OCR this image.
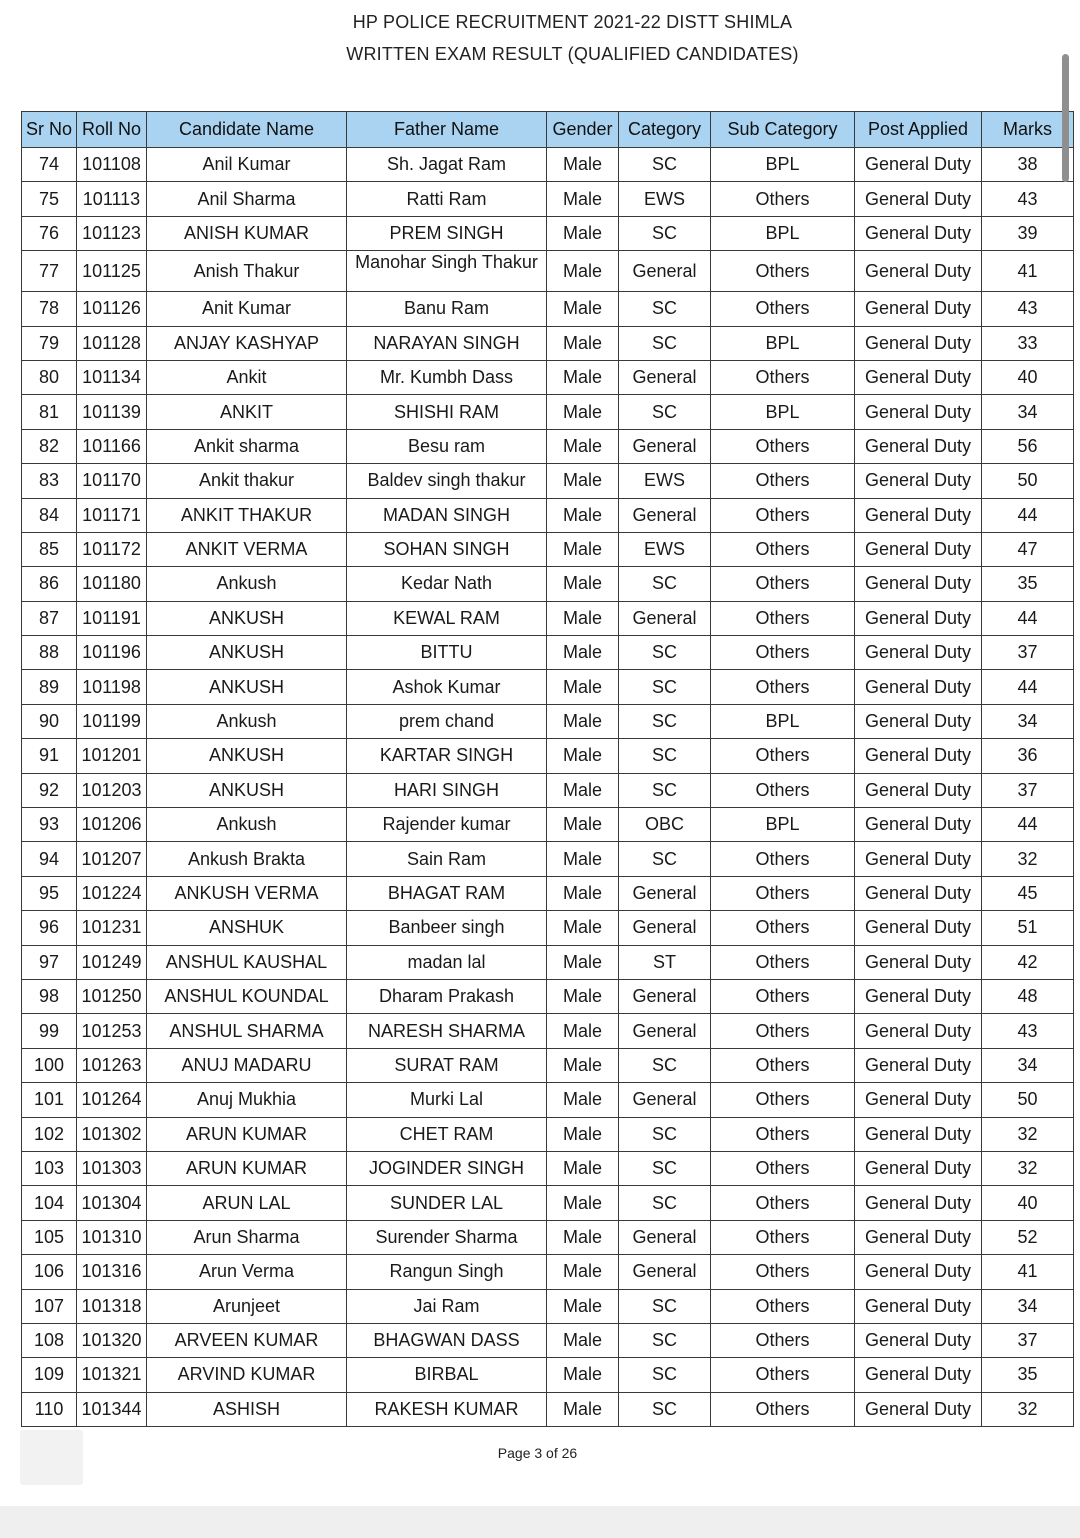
HP POLICE RECRUITMENT 2021-22 DISTT SHIMLA
WRITTEN EXAM RESULT (QUALIFIED CANDIDATES)
Sr No	Roll No	Candidate Name	Father Name	Gender	Category	Sub Category	Post Applied	Marks
74	101108	Anil Kumar	Sh. Jagat Ram	Male	SC	BPL	General Duty	38
75	101113	Anil Sharma	Ratti Ram	Male	EWS	Others	General Duty	43
76	101123	ANISH KUMAR	PREM SINGH	Male	SC	BPL	General Duty	39
77	101125	Anish Thakur	Manohar Singh Thakur	Male	General	Others	General Duty	41
78	101126	Anit Kumar	Banu Ram	Male	SC	Others	General Duty	43
79	101128	ANJAY KASHYAP	NARAYAN SINGH	Male	SC	BPL	General Duty	33
80	101134	Ankit	Mr. Kumbh Dass	Male	General	Others	General Duty	40
81	101139	ANKIT	SHISHI RAM	Male	SC	BPL	General Duty	34
82	101166	Ankit sharma	Besu ram	Male	General	Others	General Duty	56
83	101170	Ankit thakur	Baldev singh thakur	Male	EWS	Others	General Duty	50
84	101171	ANKIT THAKUR	MADAN SINGH	Male	General	Others	General Duty	44
85	101172	ANKIT VERMA	SOHAN SINGH	Male	EWS	Others	General Duty	47
86	101180	Ankush	Kedar Nath	Male	SC	Others	General Duty	35
87	101191	ANKUSH	KEWAL RAM	Male	General	Others	General Duty	44
88	101196	ANKUSH	BITTU	Male	SC	Others	General Duty	37
89	101198	ANKUSH	Ashok Kumar	Male	SC	Others	General Duty	44
90	101199	Ankush	prem chand	Male	SC	BPL	General Duty	34
91	101201	ANKUSH	KARTAR SINGH	Male	SC	Others	General Duty	36
92	101203	ANKUSH	HARI SINGH	Male	SC	Others	General Duty	37
93	101206	Ankush	Rajender kumar	Male	OBC	BPL	General Duty	44
94	101207	Ankush Brakta	Sain Ram	Male	SC	Others	General Duty	32
95	101224	ANKUSH VERMA	BHAGAT RAM	Male	General	Others	General Duty	45
96	101231	ANSHUK	Banbeer singh	Male	General	Others	General Duty	51
97	101249	ANSHUL KAUSHAL	madan lal	Male	ST	Others	General Duty	42
98	101250	ANSHUL KOUNDAL	Dharam Prakash	Male	General	Others	General Duty	48
99	101253	ANSHUL SHARMA	NARESH SHARMA	Male	General	Others	General Duty	43
100	101263	ANUJ MADARU	SURAT RAM	Male	SC	Others	General Duty	34
101	101264	Anuj Mukhia	Murki Lal	Male	General	Others	General Duty	50
102	101302	ARUN KUMAR	CHET RAM	Male	SC	Others	General Duty	32
103	101303	ARUN KUMAR	JOGINDER SINGH	Male	SC	Others	General Duty	32
104	101304	ARUN LAL	SUNDER LAL	Male	SC	Others	General Duty	40
105	101310	Arun Sharma	Surender Sharma	Male	General	Others	General Duty	52
106	101316	Arun Verma	Rangun Singh	Male	General	Others	General Duty	41
107	101318	Arunjeet	Jai Ram	Male	SC	Others	General Duty	34
108	101320	ARVEEN KUMAR	BHAGWAN DASS	Male	SC	Others	General Duty	37
109	101321	ARVIND KUMAR	BIRBAL	Male	SC	Others	General Duty	35
110	101344	ASHISH	RAKESH KUMAR	Male	SC	Others	General Duty	32
Page 3 of 26
